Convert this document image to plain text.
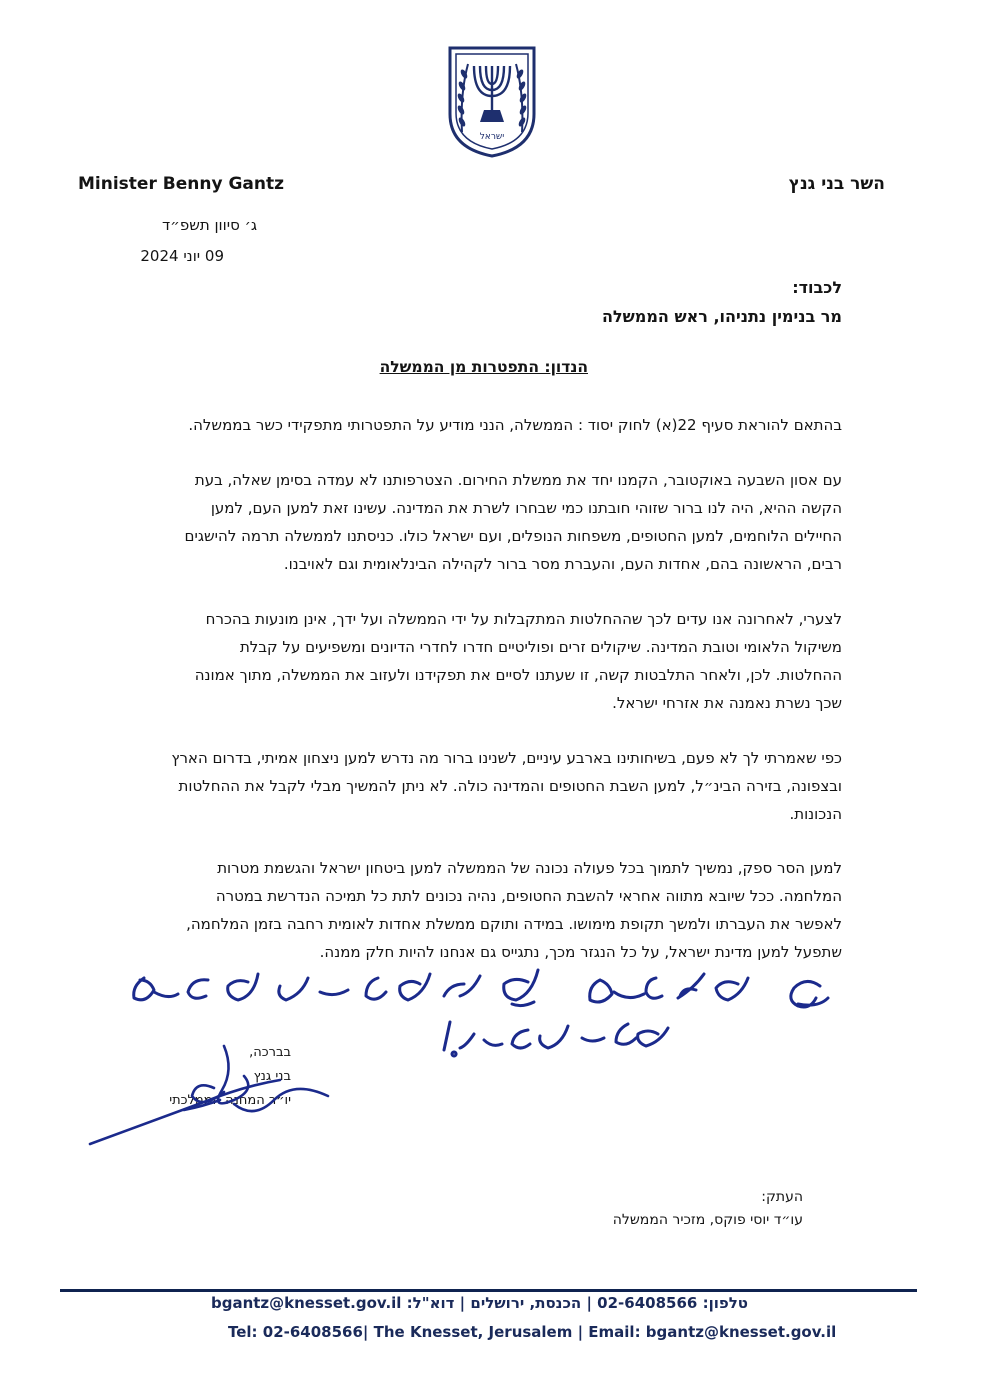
ישראל
Minister Benny Gantz	השר בני גנץ
ג׳ סיוון תשפ״ד
09 יוני 2024
לכבוד:
מר בנימין נתניהו, ראש הממשלה
הנדון: התפטרות מן הממשלה
בהתאם להוראת סעיף 22(א) לחוק יסוד : הממשלה, הנני מודיע על התפטרותי מתפקידי כשר בממשלה.
עם אסון השבעה באוקטובר, הקמנו יחד את ממשלת החירום. הצטרפותנו לא עמדה בסימן שאלה, בעת
הקשה ההיא, היה לנו ברור שזוהי חובתנו כמי שבחרו לשרת את המדינה. עשינו זאת למען העם, למען
החיילים הלוחמים, למען החטופים, משפחות הנופלים, ועם ישראל כולו. כניסתנו לממשלה תרמה להישגים
רבים, הראשונה בהם, אחדות העם, והעברת מסר ברור לקהילה הבינלאומית וגם לאויבנו.
לצערי, לאחרונה אנו עדים לכך שההחלטות המתקבלות על ידי הממשלה ועל ידך, אינן מונעות בהכרח
משיקול הלאומי וטובת המדינה. שיקולים זרים ופוליטיים חדרו לחדרי הדיונים ומשפיעים על קבלת
ההחלטות. לכן, ולאחר התלבטות קשה, זו שעתנו לסיים את תפקידנו ולעזוב את הממשלה, מתוך אמונה
שכך נשרת נאמנה את אזרחי ישראל.
כפי שאמרתי לך לא פעם, בשיחותינו בארבע עיניים, לשנינו ברור מה נדרש למען ניצחון אמיתי, בדרום הארץ
ובצפונה, בזירה הבינ״ל, למען השבת החטופים והמדינה כולה. לא ניתן להמשיך מבלי לקבל את ההחלטות
הנכונות.
למען הסר ספק, נמשיך לתמוך בכל פעולה נכונה של הממשלה למען ביטחון ישראל והגשמת מטרות
המלחמה. ככל שיובא מתווה אחראי להשבת החטופים, נהיה נכונים לתת כל תמיכה הנדרשת במטרה
לאפשר את העברתו ולמשך תקופת מימושו. במידה ותוקם ממשלת אחדות לאומית רחבה בזמן המלחמה,
שתפעל למען מדינת ישראל, על כל הנגזר מכך, נתגייס גם אנחנו להיות חלק ממנה.
בברכה,
בני גנץ
יו״ר המחנה הממלכתי
העתק:
עו״ד יוסי פוקס, מזכיר הממשלה
טלפון: 02-6408566 | הכנסת, ירושלים | דוא"ל: bgantz@knesset.gov.il
Tel: 02-6408566| The Knesset, Jerusalem | Email: bgantz@knesset.gov.il
